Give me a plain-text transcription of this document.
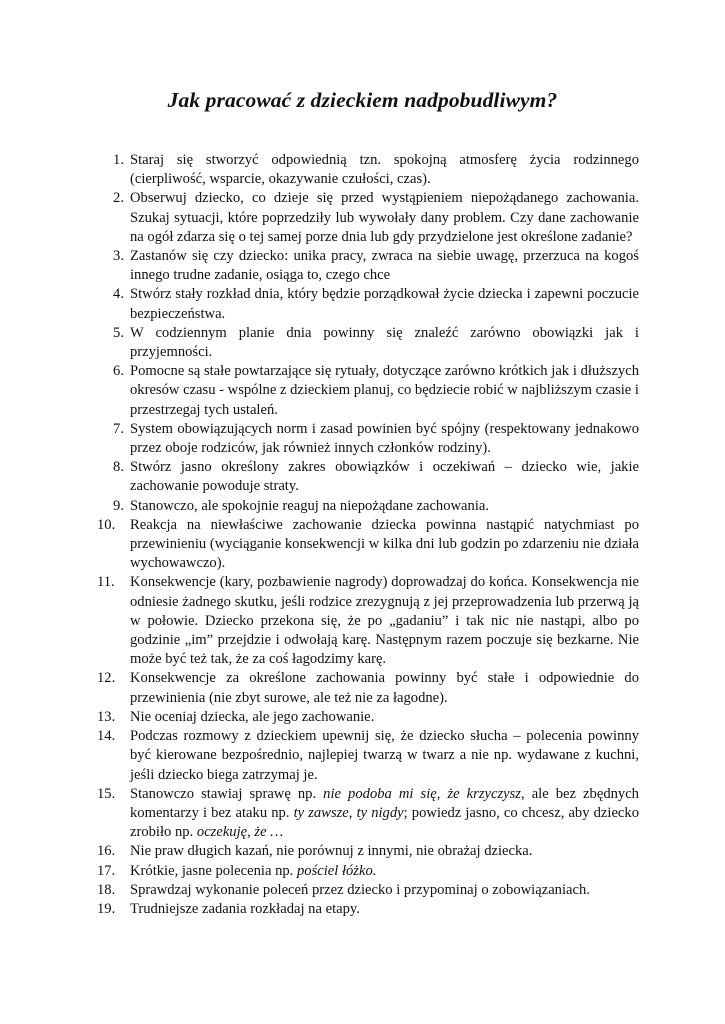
Jak pracować z dzieckiem nadpobudliwym?
1. Staraj się stworzyć odpowiednią tzn. spokojną atmosferę życia rodzinnego (cierpliwość, wsparcie, okazywanie czułości, czas).
2. Obserwuj dziecko, co dzieje się przed wystąpieniem niepożądanego zachowania. Szukaj sytuacji, które poprzedziły lub wywołały dany problem. Czy dane zachowanie na ogół zdarza się o tej samej porze dnia lub gdy przydzielone jest określone zadanie?
3. Zastanów się czy dziecko: unika pracy, zwraca na siebie uwagę, przerzuca na kogoś innego trudne zadanie, osiąga to, czego chce
4. Stwórz stały rozkład dnia, który będzie porządkował życie dziecka i zapewni poczucie bezpieczeństwa.
5. W codziennym planie dnia powinny się znaleźć zarówno obowiązki jak i przyjemności.
6. Pomocne są stałe powtarzające się rytuały, dotyczące zarówno krótkich jak i dłuższych okresów czasu - wspólne z dzieckiem planuj, co będziecie robić w najbliższym czasie i przestrzegaj tych ustaleń.
7. System obowiązujących norm i zasad powinien być spójny (respektowany jednakowo przez oboje rodziców, jak również innych członków rodziny).
8. Stwórz jasno określony zakres obowiązków i oczekiwań – dziecko wie, jakie zachowanie powoduje straty.
9. Stanowczo, ale spokojnie reaguj na niepożądane zachowania.
10.	Reakcja na niewłaściwe zachowanie dziecka powinna nastąpić natychmiast po przewinieniu (wyciąganie konsekwencji w kilka dni lub godzin po zdarzeniu nie działa wychowawczo).
11.	Konsekwencje (kary, pozbawienie nagrody) doprowadzaj do końca. Konsekwencja nie odniesie żadnego skutku, jeśli rodzice zrezygnują z jej przeprowadzenia lub przerwą ją w połowie. Dziecko przekona się, że po „gadaniu” i tak nic nie nastąpi, albo po godzinie „im” przejdzie i odwołają karę. Następnym razem poczuje się bezkarne. Nie może być też tak, że za coś łagodzimy karę.
12.	Konsekwencje za określone zachowania powinny być stałe i odpowiednie do przewinienia (nie zbyt surowe, ale też nie za łagodne).
13.	Nie oceniaj dziecka, ale jego zachowanie.
14.	Podczas rozmowy z dzieckiem upewnij się, że dziecko słucha – polecenia powinny być kierowane bezpośrednio, najlepiej twarzą w twarz a nie np. wydawane z kuchni, jeśli dziecko biega zatrzymaj je.
15.	Stanowczo stawiaj sprawę np. nie podoba mi się, że krzyczysz, ale bez zbędnych komentarzy i bez ataku np. ty zawsze, ty nigdy; powiedz jasno, co chcesz, aby dziecko zrobiło np. oczekuję, że …
16.	Nie praw długich kazań, nie porównuj z innymi, nie obrażaj dziecka.
17.	Krótkie, jasne polecenia np. pościel łóżko.
18.	Sprawdzaj wykonanie poleceń przez dziecko i przypominaj o zobowiązaniach.
19.	Trudniejsze zadania rozkładaj na etapy.
